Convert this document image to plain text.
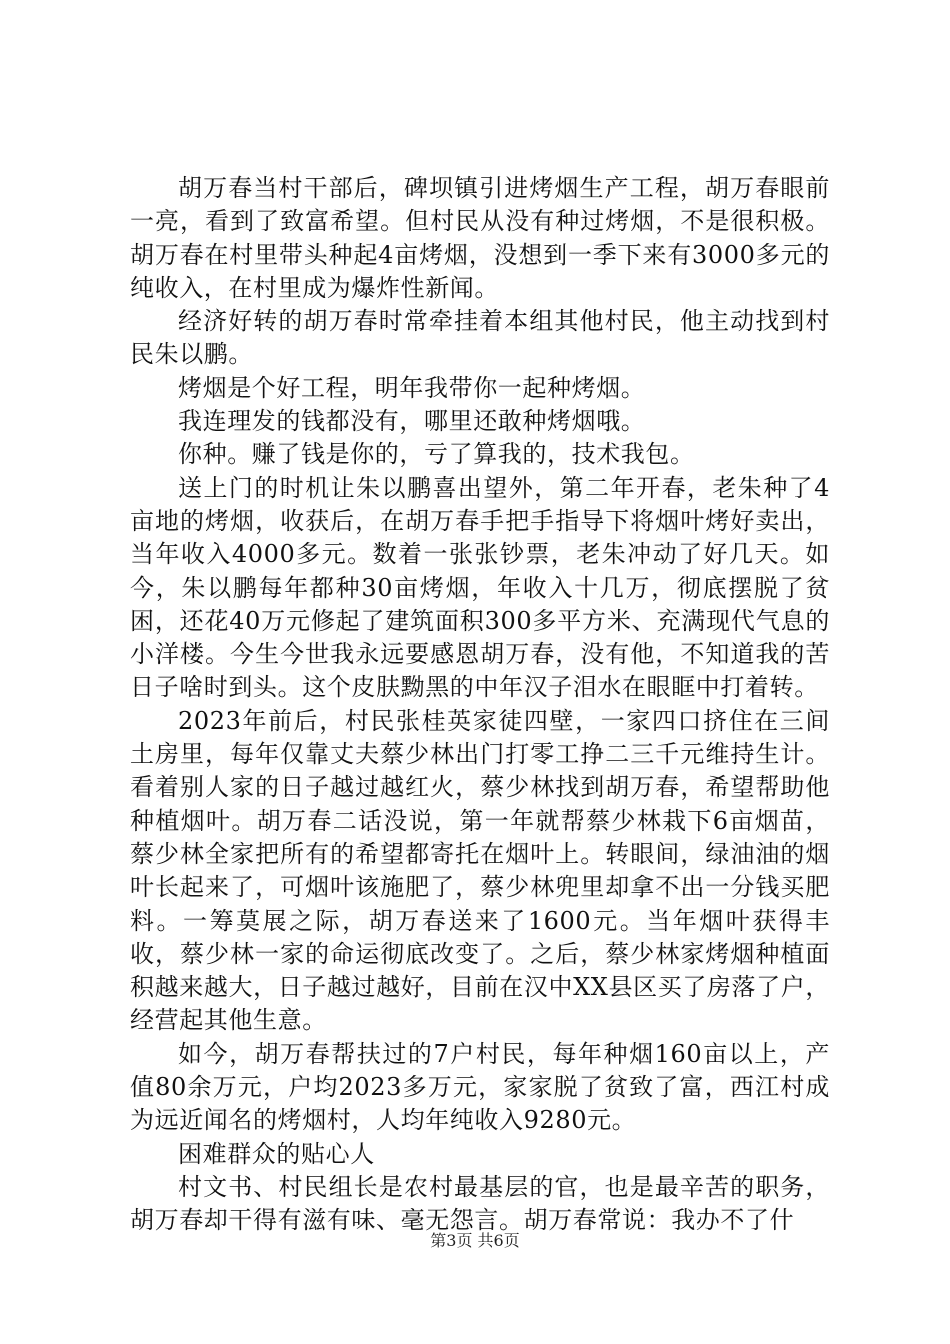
胡万春当村干部后，碑坝镇引进烤烟生产工程，胡万春眼前一亮，看到了致富希望。但村民从没有种过烤烟，不是很积极。胡万春在村里带头种起4亩烤烟，没想到一季下来有3000多元的纯收入，在村里成为爆炸性新闻。

经济好转的胡万春时常牵挂着本组其他村民，他主动找到村民朱以鹏。

烤烟是个好工程，明年我带你一起种烤烟。

我连理发的钱都没有，哪里还敢种烤烟哦。

你种。赚了钱是你的，亏了算我的，技术我包。

送上门的时机让朱以鹏喜出望外，第二年开春，老朱种了4亩地的烤烟，收获后，在胡万春手把手指导下将烟叶烤好卖出，当年收入4000多元。数着一张张钞票，老朱冲动了好几天。如今，朱以鹏每年都种30亩烤烟，年收入十几万，彻底摆脱了贫困，还花40万元修起了建筑面积300多平方米、充满现代气息的小洋楼。今生今世我永远要感恩胡万春，没有他，不知道我的苦日子啥时到头。这个皮肤黝黑的中年汉子泪水在眼眶中打着转。

2023年前后，村民张桂英家徒四壁，一家四口挤住在三间土房里，每年仅靠丈夫蔡少林出门打零工挣二三千元维持生计。看着别人家的日子越过越红火，蔡少林找到胡万春，希望帮助他种植烟叶。胡万春二话没说，第一年就帮蔡少林栽下6亩烟苗，蔡少林全家把所有的希望都寄托在烟叶上。转眼间，绿油油的烟叶长起来了，可烟叶该施肥了，蔡少林兜里却拿不出一分钱买肥料。一筹莫展之际，胡万春送来了1600元。当年烟叶获得丰收，蔡少林一家的命运彻底改变了。之后，蔡少林家烤烟种植面积越来越大，日子越过越好，目前在汉中XX县区买了房落了户，经营起其他生意。

如今，胡万春帮扶过的7户村民，每年种烟160亩以上，产值80余万元，户均2023多万元，家家脱了贫致了富，西江村成为远近闻名的烤烟村，人均年纯收入9280元。

困难群众的贴心人

村文书、村民组长是农村最基层的官，也是最辛苦的职务，胡万春却干得有滋有味、毫无怨言。胡万春常说：我办不了什

第3页 共6页
